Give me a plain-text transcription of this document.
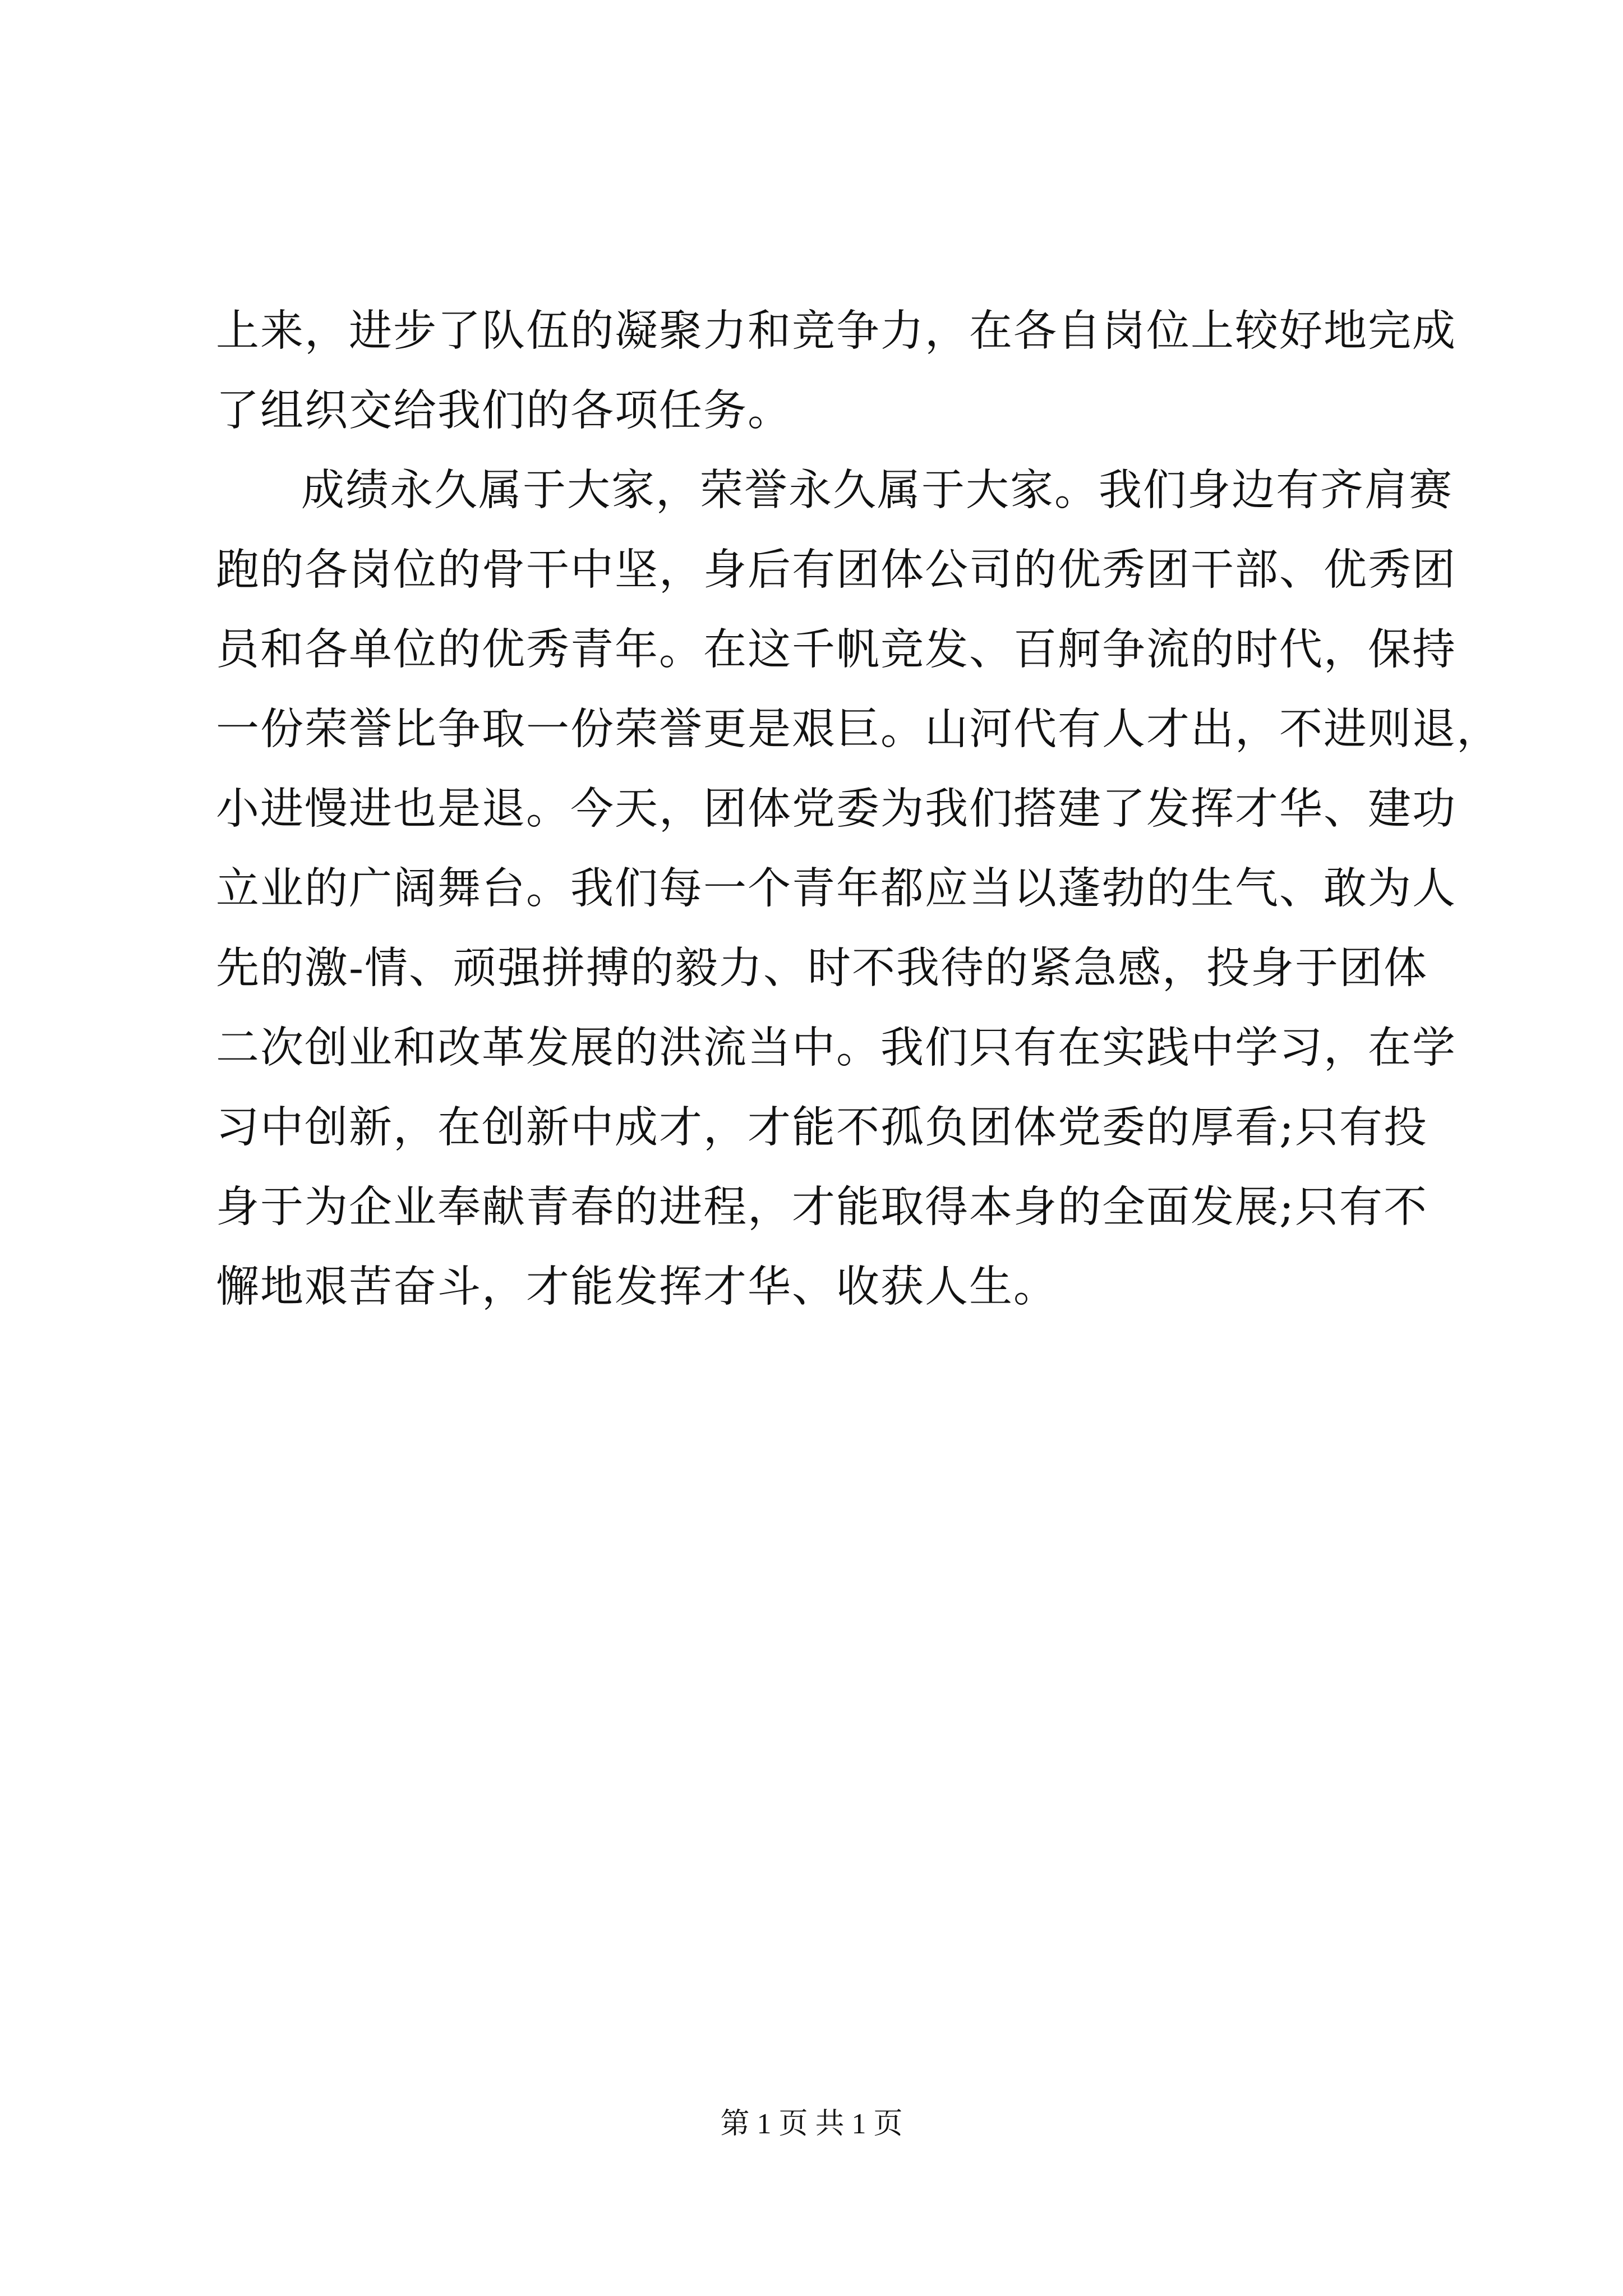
上来，进步了队伍的凝聚力和竞争力，在各自岗位上较好地完成
了组织交给我们的各项任务。
成绩永久属于大家，荣誉永久属于大家。我们身边有齐肩赛
跑的各岗位的骨干中坚，身后有团体公司的优秀团干部、优秀团
员和各单位的优秀青年。在这千帆竞发、百舸争流的时代，保持
一份荣誉比争取一份荣誉更是艰巨。山河代有人才出，不进则退，
小进慢进也是退。今天，团体党委为我们搭建了发挥才华、建功
立业的广阔舞台。我们每一个青年都应当以蓬勃的生气、敢为人
先的激-情、顽强拼搏的毅力、时不我待的紧急感，投身于团体
二次创业和改革发展的洪流当中。我们只有在实践中学习，在学
习中创新，在创新中成才，才能不孤负团体党委的厚看;只有投
身于为企业奉献青春的进程，才能取得本身的全面发展;只有不
懈地艰苦奋斗，才能发挥才华、收获人生。
第 1 页 共 1 页
